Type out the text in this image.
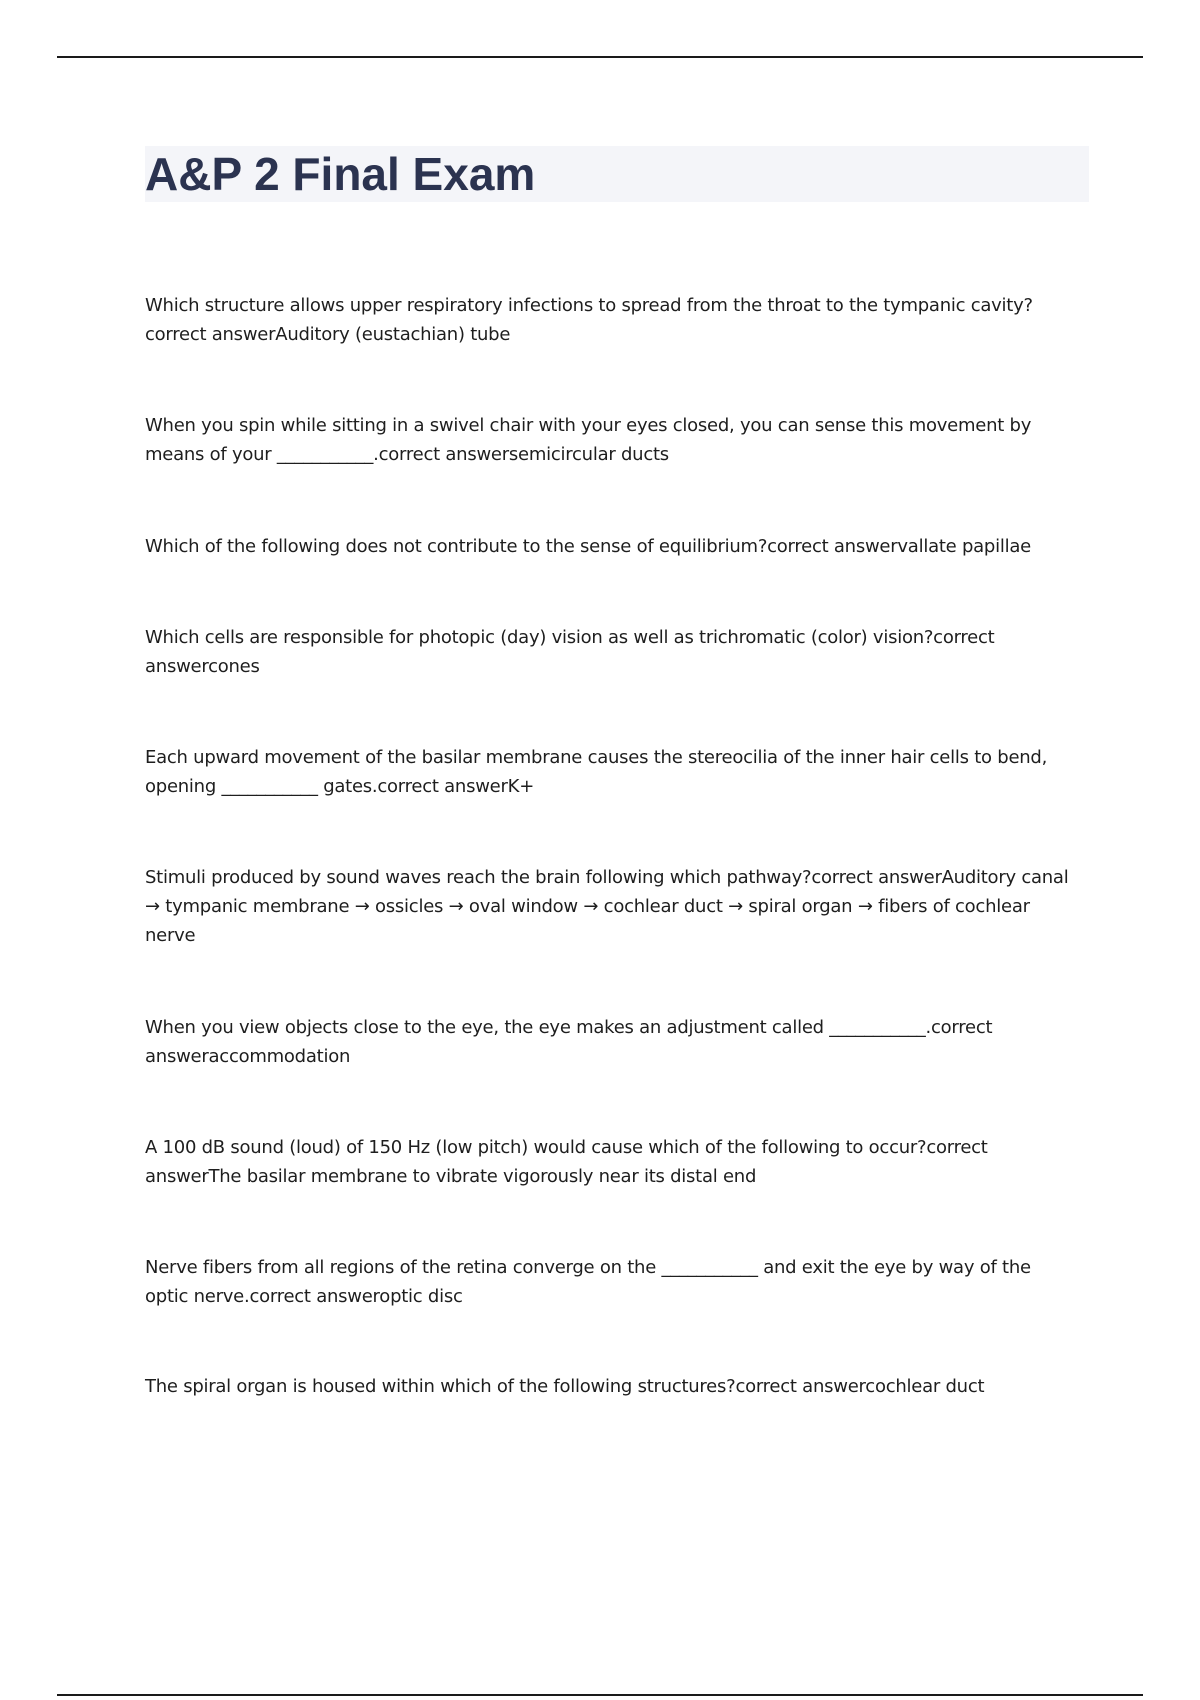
A&P 2 Final Exam

Which structure allows upper respiratory infections to spread from the throat to the tympanic cavity? correct answerAuditory (eustachian) tube

When you spin while sitting in a swivel chair with your eyes closed, you can sense this movement by means of your ___________.correct answersemicircular ducts

Which of the following does not contribute to the sense of equilibrium?correct answervallate papillae

Which cells are responsible for photopic (day) vision as well as trichromatic (color) vision?correct answercones

Each upward movement of the basilar membrane causes the stereocilia of the inner hair cells to bend, opening ___________ gates.correct answerK+

Stimuli produced by sound waves reach the brain following which pathway?correct answerAuditory canal → tympanic membrane → ossicles → oval window → cochlear duct → spiral organ → fibers of cochlear nerve

When you view objects close to the eye, the eye makes an adjustment called ___________.correct answeraccommodation

A 100 dB sound (loud) of 150 Hz (low pitch) would cause which of the following to occur?correct answerThe basilar membrane to vibrate vigorously near its distal end

Nerve fibers from all regions of the retina converge on the ___________ and exit the eye by way of the optic nerve.correct answeroptic disc

The spiral organ is housed within which of the following structures?correct answercochlear duct
